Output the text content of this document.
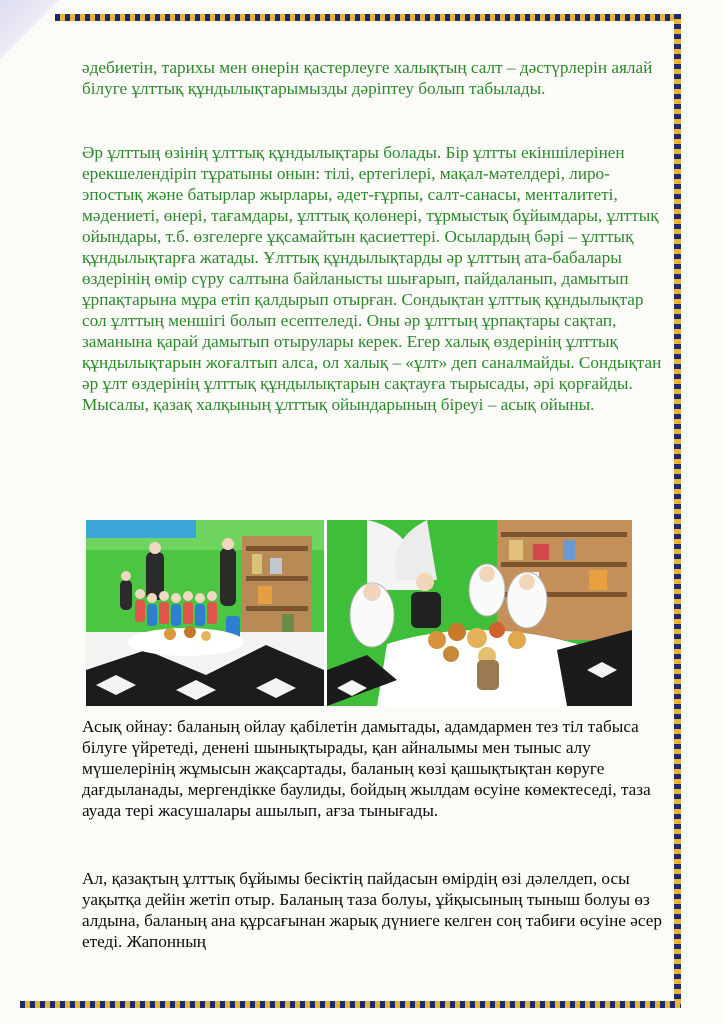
әдебиетін, тарихы мен өнерін қастерлеуге халықтың салт – дәстүрлерін аялай білуге ұлттық құндылықтарымызды дәріптеу болып табылады.

Әр ұлттың өзінің ұлттық құндылықтары болады. Бір ұлтты екіншілерінен ерекшелендіріп тұратыны онын: тілі, ертегілері, мақал-мәтелдері, лиро-эпостық және батырлар жырлары, әдет-ғұрпы, салт-санасы, менталитеті, мәдениеті, өнері, тағамдары, ұлттық қолөнері, тұрмыстық бұйымдары, ұлттық ойындары, т.б. өзгелерге ұқсамайтын қасиеттері. Осылардың бәрі – ұлттық құндылықтарға жатады. Ұлттық құндылықтарды әр ұлттың ата-бабалары өздерінің өмір сүру салтына байланысты шығарып, пайдаланып, дамытып ұрпақтарына мұра етіп қалдырып отырған. Сондықтан ұлттық құндылықтар сол ұлттың меншігі болып есептеледі. Оны әр ұлттың ұрпақтары сақтап, заманына қарай дамытып отырулары керек. Егер халық өздерінің ұлттық құндылықтарын жоғалтып алса, ол халық – «ұлт» деп саналмайды. Сондықтан әр ұлт өздерінің ұлттық құндылықтарын сақтауға тырысады, әрі қорғайды. Мысалы, қазақ халқының ұлттық ойындарының біреуі – асық ойыны.

Асық ойнау: баланың ойлау қабілетін дамытады, адамдармен тез тіл табыса білуге үйретеді, денені шынықтырады, қан айналымы мен тыныс алу мүшелерінің жұмысын жақсартады, баланың көзі қашықтықтан көруге дағдыланады, мергендікке баулиды, бойдың жылдам өсуіне көмектеседі, таза ауада тері жасушалары ашылып, ағза тынығады.

Ал, қазақтың ұлттық бұйымы бесіктің пайдасын өмірдің өзі дәлелдеп, осы уақытқа дейін жетіп отыр. Баланың таза болуы, ұйқысының тыныш болуы өз алдына, баланың ана құрсағынан жарық дүниеге келген соң табиғи өсуіне әсер етеді. Жапонның
